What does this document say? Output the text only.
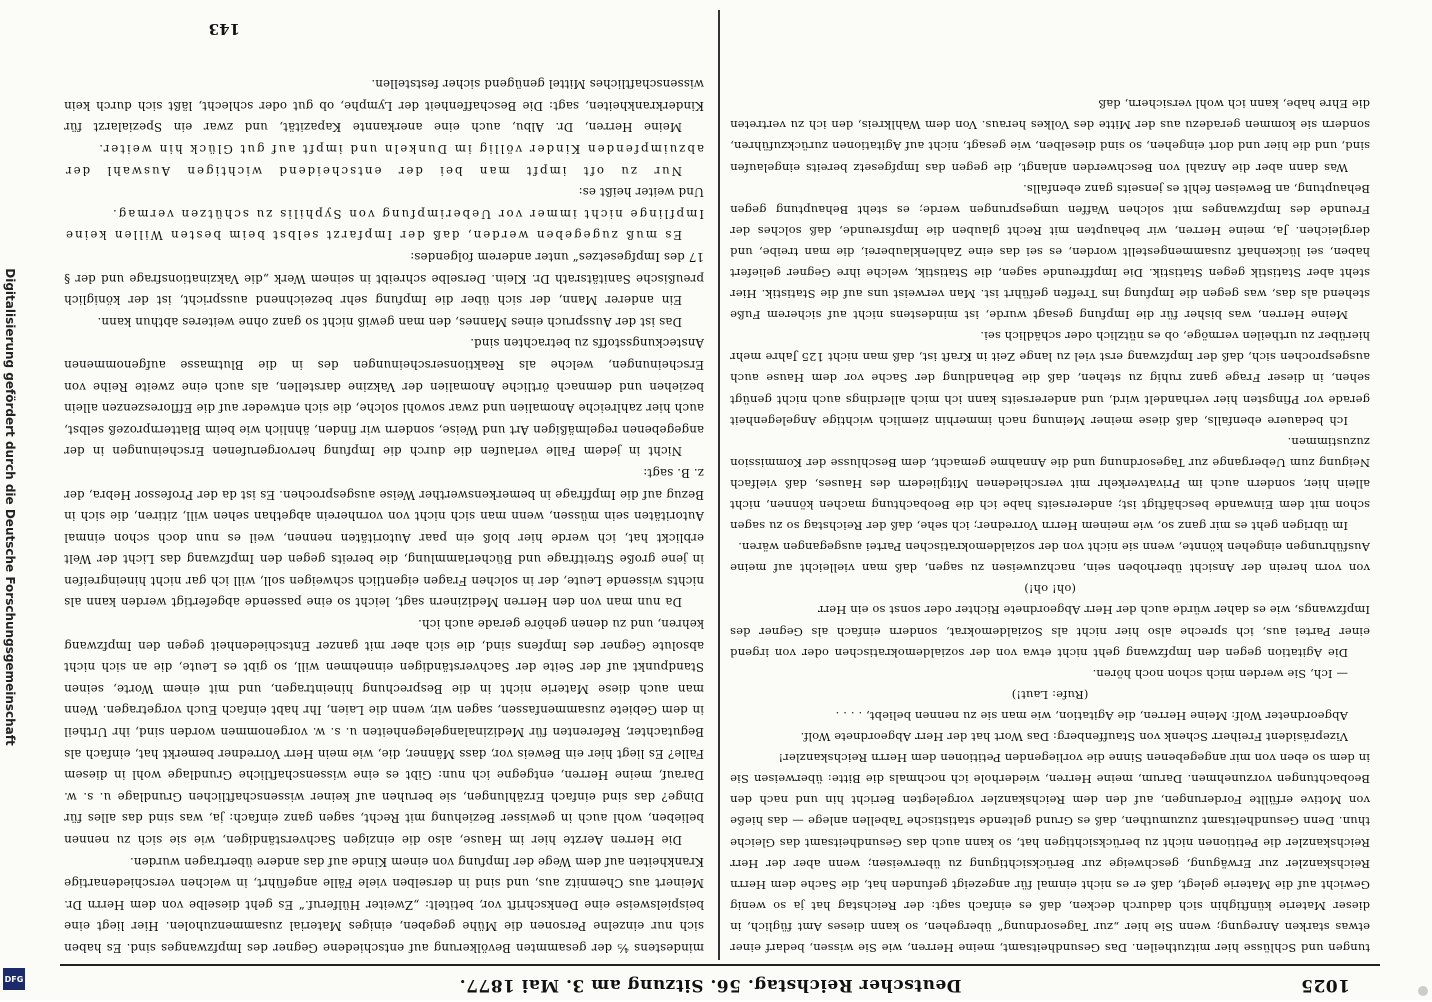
1025
Deutscher Reichstag. 56. Sitzung am 3. Mai 1877.

tungen und Schlüsse hier mitzutheilen. Das Gesundheitsamt, meine Herren, wie Sie wissen, bedarf einer etwas starken Anregung; wenn Sie hier „zur Tagesordnung“ übergehen, so kann dieses Amt füglich, in dieser Materie künftighin sich dadurch decken, daß es einfach sagt: der Reichstag hat ja so wenig Gewicht auf die Materie gelegt, daß er es nicht einmal für angezeigt gefunden hat, die Sache dem Herrn Reichskanzler zur Erwägung, geschweige zur Berücksichtigung zu überweisen; wenn aber der Herr Reichskanzler die Petitionen nicht zu berücksichtigen hat, so kann auch das Gesundheitsamt das Gleiche thun. Denn Gesundheitsamt zuzumuthen, daß es Grund geltende statistische Tabellen anlege — das hieße von Motive erfüllte Forderungen, auf den dem Reichskanzler vorgelegten Bericht hin und nach den Beobachtungen vorzunehmen. Darum, meine Herren, wiederhole ich nochmals die Bitte: überweisen Sie in dem so eben von mir angegebenen Sinne die vorliegenden Petitionen dem Herrn Reichskanzler!

Vizepräsident Freiherr Schenk von Stauffenberg: Das Wort hat der Herr Abgeordnete Wolf.

Abgeordneter Wolf: Meine Herren, die Agitation, wie man sie zu nennen beliebt, . . . .

(Rufe: Laut!)

— Ich, Sie werden mich schon noch hören.

Die Agitation gegen den Impfzwang geht nicht etwa von der sozialdemokratischen oder von irgend einer Partei aus, ich spreche also hier nicht als Sozialdemokrat, sondern einfach als Gegner des Impfzwangs, wie es daher würde auch der Herr Abgeordnete Richter oder sonst so ein Herr

(oh! oh!)

von vorn herein der Ansicht überhoben sein, nachzuweisen zu sagen, daß man vielleicht auf meine Ausführungen eingehen könnte, wenn sie nicht von der sozialdemokratischen Partei ausgegangen wären.

Im übrigen geht es mir ganz so, wie meinem Herrn Vorredner; ich sehe, daß der Reichstag so zu sagen schon mit dem Einwande beschäftigt ist; andererseits habe ich die Beobachtung machen können, nicht allein hier, sondern auch im Privatverkehr mit verschiedenen Mitgliedern des Hauses, daß vielfach Neigung zum Uebergange zur Tagesordnung und die Annahme gemacht, dem Beschlusse der Kommission zuzustimmen.

Ich bedauere ebenfalls, daß diese meiner Meinung nach immerhin ziemlich wichtige Angelegenheit gerade vor Pfingsten hier verhandelt wird, und andererseits kann ich mich allerdings auch nicht genügt sehen, in dieser Frage ganz ruhig zu stehen, daß die Behandlung der Sache vor dem Hause auch ausgesprochen sich, daß der Impfzwang erst viel zu lange Zeit in Kraft ist, daß man nicht 125 Jahre mehr hierüber zu urtheilen vermöge, ob es nützlich oder schädlich sei.

Meine Herren, was bisher für die Impfung gesagt wurde, ist mindestens nicht auf sicherem Fuße stehend als das, was gegen die Impfung ins Treffen geführt ist. Man verweist uns auf die Statistik. Hier steht aber Statistik gegen Statistik. Die Impffreunde sagen, die Statistik, welche ihre Gegner geliefert haben, sei lückenhaft zusammengestellt worden, es sei das eine Zahlenklauberei, die man treibe, und dergleichen. Ja, meine Herren, wir behaupten mit Recht glauben die Impfsreunde, daß solches der Freunde des Impfzwanges mit solchen Waffen umgesprungen werde; es steht Behauptung gegen Behauptung, an Beweisen fehlt es jenseits ganz ebenfalls.

Was dann aber die Anzahl von Beschwerden anlangt, die gegen das Impfgesetz bereits eingelaufen sind, und die hier und dort eingehen, so sind dieselben, wie gesagt, nicht auf Agitationen zurückzuführen, sondern sie kommen geradezu aus der Mitte des Volkes heraus. Von dem Wahlkreis, den ich zu vertreten die Ehre habe, kann ich wohl versichern, daß

mindestens ⁴⁄₅ der gesammten Bevölkerung auf entschiedene Gegner des Impfzwanges sind. Es haben sich nur einzelne Personen die Mühe gegeben, einiges Material zusammenzuholen. Hier liegt eine beispielsweise eine Denkschrift vor, betitelt: „Zweiter Hülferuf.“ Es geht dieselbe von dem Herrn Dr. Meinert aus Chemnitz aus, und sind in derselben viele Fälle angeführt, in welchen verschiedenartige Krankheiten auf dem Wege der Impfung von einem Kinde auf das andere übertragen wurden.

Die Herren Aerzte hier im Hause, also die einzigen Sachverständigen, wie sie sich zu nennen belieben, wohl auch in gewisser Beziehung mit Recht, sagen ganz einfach: ja, was sind das alles für Dinge? das sind einfach Erzählungen, sie beruhen auf keiner wissenschaftlichen Grundlage u. s. w. Darauf, meine Herren, entgegne ich nun: Gibt es eine wissenschaftliche Grundlage wohl in diesem Falle? Es liegt hier ein Beweis vor, dass Männer, die, wie mein Herr Vorredner bemerkt hat, einfach als Begutachter, Referenten für Medizinalangelegenheiten u. s. w. vorgenommen worden sind, ihr Urtheil in dem Gebiete zusammenfassen, sagen wir, wenn die Laien, Ihr habt einfach Euch vorgetragen. Wenn man auch diese Materie nicht in die Besprechung hineintragen, und mit einem Worte, seinen Standpunkt auf der Seite der Sachverständigen einnehmen will, so gibt es Leute, die an sich nicht absolute Gegner des Impfens sind, die sich aber mit ganzer Entschiedenheit gegen den Impfzwang kehren, und zu denen gehöre gerade auch ich.

Da nun man von den Herren Medizinern sagt, leicht so eine passende abgefertigt werden kann als nichts wissende Leute, der in solchen Fragen eigentlich schweigen soll, will ich gar nicht hineingreifen in jene große Streitfrage und Bücherlammlung, die bereits gegen den Impfzwang das Licht der Welt erblickt hat, ich werde hier bloß ein paar Autoritäten nennen, weil es nun doch schon einmal Autoritäten sein müssen, wenn man sich nicht von vornherein abgethan sehen will, zitiren, die sich in Bezug auf die Impffrage in bemerkenswerther Weise ausgesprochen. Es ist da der Professor Hebra, der z. B. sagt:

Nicht in jedem Falle verlaufen die durch die Impfung hervorgerufenen Erscheinungen in der angegebenen regelmäßigen Art und Weise, sondern wir finden, ähnlich wie beim Blatternprozeß selbst, auch hier zahlreiche Anomalien und zwar sowohl solche, die sich entweder auf die Effloreszenzen allein beziehen und demnach örtliche Anomalien der Vakzine darstellen, als auch eine zweite Reihe von Erscheinungen, welche als Reaktionserscheinungen des in die Blutmasse aufgenommenen Ansteckungsstoffs zu betrachten sind.

Das ist der Ausspruch eines Mannes, den man gewiß nicht so ganz ohne weiteres abthun kann.

Ein anderer Mann, der sich über die Impfung sehr bezeichnend ausspricht, ist der königlich preußische Sanitätsrath Dr. Klein. Derselbe schreibt in seinem Werk „die Vakzinationsfrage und der § 17 des Impfgesetzes“ unter anderem folgendes:

Es muß zugegeben werden, daß der Impfarzt selbst beim besten Willen keine Impflinge nicht immer vor Ueberimpfung von Syphilis zu schützen vermag.

Und weiter heißt es:

Nur zu oft impft man bei der entscheidend wichtigen Auswahl der abzuimpfenden Kinder völlig im Dunkeln und impft auf gut Glück hin weiter.

Meine Herren, Dr. Albu, auch eine anerkannte Kapazität, und zwar ein Spezialarzt für Kinderkrankheiten, sagt: Die Beschaffenheit der Lymphe, ob gut oder schlecht, läßt sich durch kein wissenschaftliches Mittel genügend sicher feststellen.

143
Digitalisierung gefördert durch die Deutsche Forschungsgemeinschaft
DFG
